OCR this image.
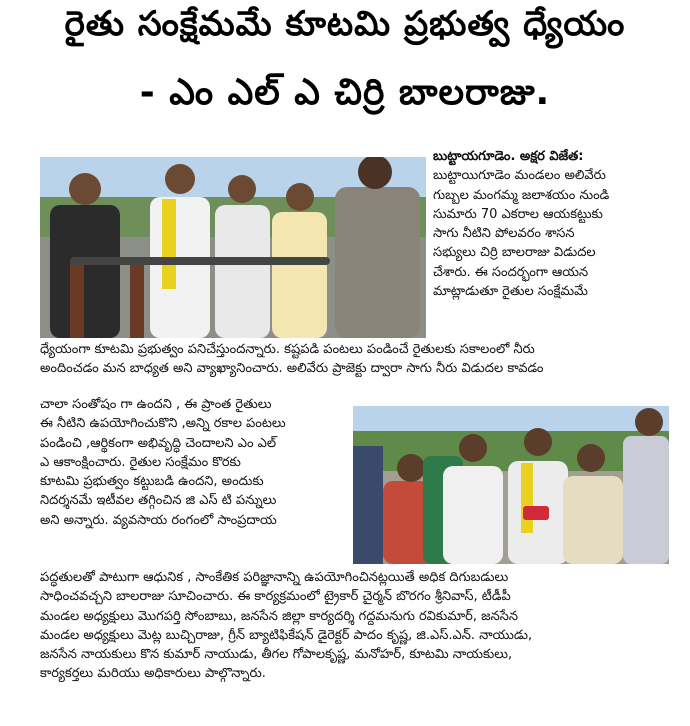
రైతు సంక్షేమమే కూటమి ప్రభుత్వ ధ్యేయం
- ఎం ఎల్ ఎ చిర్రి బాలరాజు.
బుట్టాయగూడెం. అక్షర విజేత:
బుట్టాయిగూడెం మండలం అలివేరు
గుబ్బల మంగమ్మ జలాశయం నుండి
సుమారు 70 ఎకరాల ఆయకట్టుకు
సాగు నీటిని పోలవరం శాసన
సభ్యులు చిర్రి బాలరాజు విడుదల
చేశారు. ఈ సందర్భంగా ఆయన
మాట్లాడుతూ రైతుల సంక్షేమమే
ధ్యేయంగా కూటమి ప్రభుత్వం పనిచేస్తుందన్నారు. కష్టపడి పంటలు పండించే రైతులకు సకాలంలో నీరు
అందించడం మన బాధ్యత అని వ్యాఖ్యానించారు. అలివేరు ప్రాజెక్టు ద్వారా సాగు నీరు విడుదల కావడం
చాలా సంతోషం గా ఉందని , ఈ ప్రాంత రైతులు
ఈ నీటిని ఉపయోగించుకొని ,అన్ని రకాల పంటలు
పండించి ,ఆర్థికంగా అభివృద్ధి చెందాలని ఎం ఎల్
ఎ ఆకాంక్షించారు. రైతుల సంక్షేమం కొరకు
కూటమి ప్రభుత్వం కట్టుబడి ఉందని, అందుకు
నిదర్శనమే ఇటీవల తగ్గించిన జి ఎస్ టి పన్నులు
అని అన్నారు. వ్యవసాయ రంగంలో సాంప్రదాయ
పద్ధతులతో పాటుగా ఆధునిక , సాంకేతిక పరిజ్ఞానాన్ని ఉపయోగించినట్లయితే అధిక దిగుబడులు
సాధించవచ్చని బాలరాజు సూచించారు. ఈ కార్యక్రమంలో ట్రైకార్ చైర్మన్ బొరగం శ్రీనివాస్, టీడీపీ
మండల అధ్యక్షులు మొగపర్తి సోంబాబు, జనసేన జిల్లా కార్యదర్శి గద్దమనుగు రవికుమార్, జనసేన
మండల అధ్యక్షులు మెట్ల బుచ్చిరాజు, గ్రీన్ బ్యాటిఫికేషన్ డైరెక్టర్ పాదం కృష్ణ, జి.ఎస్.ఎన్. నాయుడు,
జనసేన నాయకులు కొన కుమార్ నాయుడు, తీగల గోపాలకృష్ణ, మనోహర్, కూటమి నాయకులు,
కార్యకర్తలు మరియు అధికారులు పాల్గొన్నారు.
